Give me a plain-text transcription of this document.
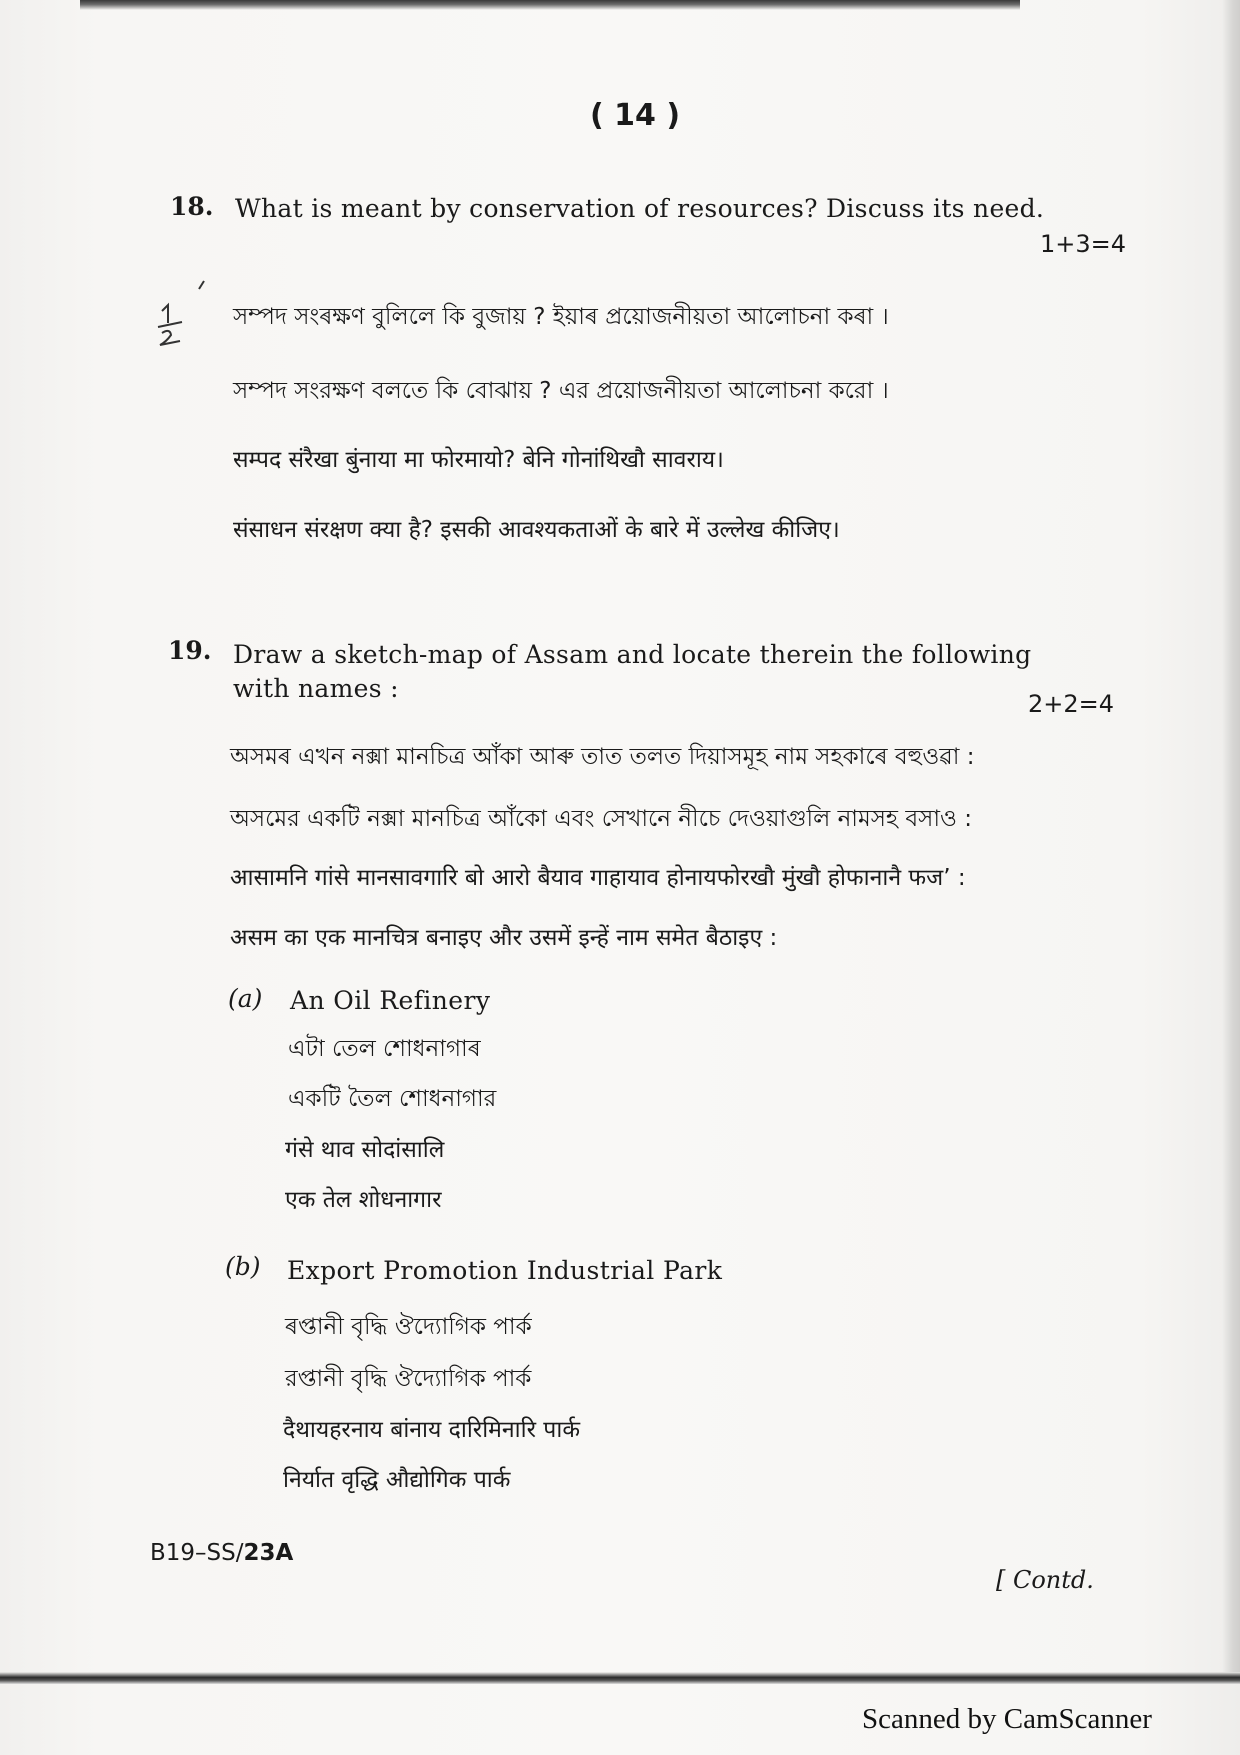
( 14 )
18. What is meant by conservation of resources? Discuss its need.
1+3=4
সম্পদ সংৰক্ষণ বুলিলে কি বুজায় ? ইয়াৰ প্ৰয়োজনীয়তা আলোচনা কৰা ।
সম্পদ সংরক্ষণ বলতে কি বোঝায় ? এর প্রয়োজনীয়তা আলোচনা করো ।
सम्पद संरैखा बुंनाया मा फोरमायो? बेनि गोनांथिखौ सावराय।
संसाधन संरक्षण क्या है? इसकी आवश्यकताओं के बारे में उल्लेख कीजिए।
19. Draw a sketch-map of Assam and locate therein the following
with names :
2+2=4
অসমৰ এখন নক্সা মানচিত্ৰ আঁকা আৰু তাত তলত দিয়াসমূহ নাম সহকাৰে বহুওৱা :
অসমের একটি নক্সা মানচিত্র আঁকো এবং সেখানে নীচে দেওয়াগুলি নামসহ বসাও :
आसामनि गांसे मानसावगारि बो आरो बैयाव गाहायाव होनायफोरखौ मुंखौ होफानानै फज’ :
असम का एक मानचित्र बनाइए और उसमें इन्हें नाम समेत बैठाइए :
(a) An Oil Refinery
এটা তেল শোধনাগাৰ
একটি তৈল শোধনাগার
गंसे थाव सोदांसालि
एक तेल शोधनागार
(b) Export Promotion Industrial Park
ৰপ্তানী বৃদ্ধি ঔদ্যোগিক পাৰ্ক
রপ্তানী বৃদ্ধি ঔদ্যোগিক পার্ক
दैथायहरनाय बांनाय दारिमिनारि पार्क
निर्यात वृद्धि औद्योगिक पार्क
B19–SS/23A
[ Contd.
Scanned by CamScanner
